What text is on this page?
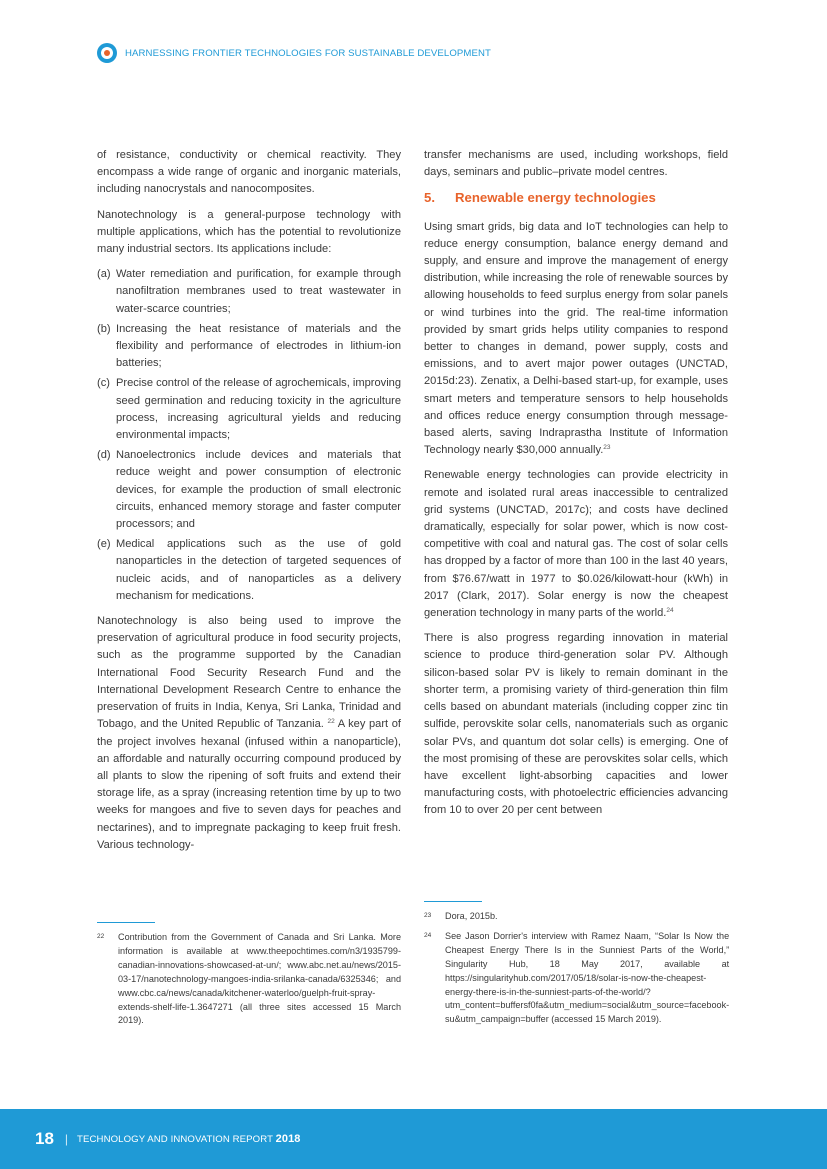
HARNESSING FRONTIER TECHNOLOGIES FOR SUSTAINABLE DEVELOPMENT

of resistance, conductivity or chemical reactivity. They encompass a wide range of organic and inorganic materials, including nanocrystals and nanocomposites.

Nanotechnology is a general-purpose technology with multiple applications, which has the potential to revolutionize many industrial sectors. Its applications include:

(a) Water remediation and purification, for example through nanofiltration membranes used to treat wastewater in water-scarce countries;
(b) Increasing the heat resistance of materials and the flexibility and performance of electrodes in lithium-ion batteries;
(c) Precise control of the release of agrochemicals, improving seed germination and reducing toxicity in the agriculture process, increasing agricultural yields and reducing environmental impacts;
(d) Nanoelectronics include devices and materials that reduce weight and power consumption of electronic devices, for example the production of small electronic circuits, enhanced memory storage and faster computer processors; and
(e) Medical applications such as the use of gold nanoparticles in the detection of targeted sequences of nucleic acids, and of nanoparticles as a delivery mechanism for medications.

Nanotechnology is also being used to improve the preservation of agricultural produce in food security projects, such as the programme supported by the Canadian International Food Security Research Fund and the International Development Research Centre to enhance the preservation of fruits in India, Kenya, Sri Lanka, Trinidad and Tobago, and the United Republic of Tanzania. $^{22}$ A key part of the project involves hexanal (infused within a nanoparticle), an affordable and naturally occurring compound produced by all plants to slow the ripening of soft fruits and extend their storage life, as a spray (increasing retention time by up to two weeks for mangoes and five to seven days for peaches and nectarines), and to impregnate packaging to keep fruit fresh. Various technology-

transfer mechanisms are used, including workshops, field days, seminars and public–private model centres.

5.	Renewable energy technologies

Using smart grids, big data and IoT technologies can help to reduce energy consumption, balance energy demand and supply, and ensure and improve the management of energy distribution, while increasing the role of renewable sources by allowing households to feed surplus energy from solar panels or wind turbines into the grid. The real-time information provided by smart grids helps utility companies to respond better to changes in demand, power supply, costs and emissions, and to avert major power outages (UNCTAD, 2015d:23). Zenatix, a Delhi-based start-up, for example, uses smart meters and temperature sensors to help households and offices reduce energy consumption through message-based alerts, saving Indraprastha Institute of Information Technology nearly $30,000 annually.$^{23}$

Renewable energy technologies can provide electricity in remote and isolated rural areas inaccessible to centralized grid systems (UNCTAD, 2017c); and costs have declined dramatically, especially for solar power, which is now cost-competitive with coal and natural gas. The cost of solar cells has dropped by a factor of more than 100 in the last 40 years, from $76.67/watt in 1977 to $0.026/kilowatt-hour (kWh) in 2017 (Clark, 2017). Solar energy is now the cheapest generation technology in many parts of the world.$^{24}$

There is also progress regarding innovation in material science to produce third-generation solar PV. Although silicon-based solar PV is likely to remain dominant in the shorter term, a promising variety of third-generation thin film cells based on abundant materials (including copper zinc tin sulfide, perovskite solar cells, nanomaterials such as organic solar PVs, and quantum dot solar cells) is emerging. One of the most promising of these are perovskites solar cells, which have excellent light-absorbing capacities and lower manufacturing costs, with photoelectric efficiencies advancing from 10 to over 20 per cent between

22	Contribution from the Government of Canada and Sri Lanka. More information is available at www.theepochtimes.com/n3/1935799-canadian-innovations-showcased-at-un/; www.abc.net.au/news/2015-03-17/nanotechnology-mangoes-india-srilanka-canada/6325346; and www.cbc.ca/news/canada/kitchener-waterloo/guelph-fruit-spray-extends-shelf-life-1.3647271 (all three sites accessed 15 March 2019).
23	Dora, 2015b.
24	See Jason Dorrier's interview with Ramez Naam, “Solar Is Now the Cheapest Energy There Is in the Sunniest Parts of the World,” Singularity Hub, 18 May 2017, available at https://singularityhub.com/2017/05/18/solar-is-now-the-cheapest-energy-there-is-in-the-sunniest-parts-of-the-world/?utm_content=buffersf0fa&utm_medium=social&utm_source=facebook-su&utm_campaign=buffer (accessed 15 March 2019).
18 | TECHNOLOGY AND INNOVATION REPORT 2018
